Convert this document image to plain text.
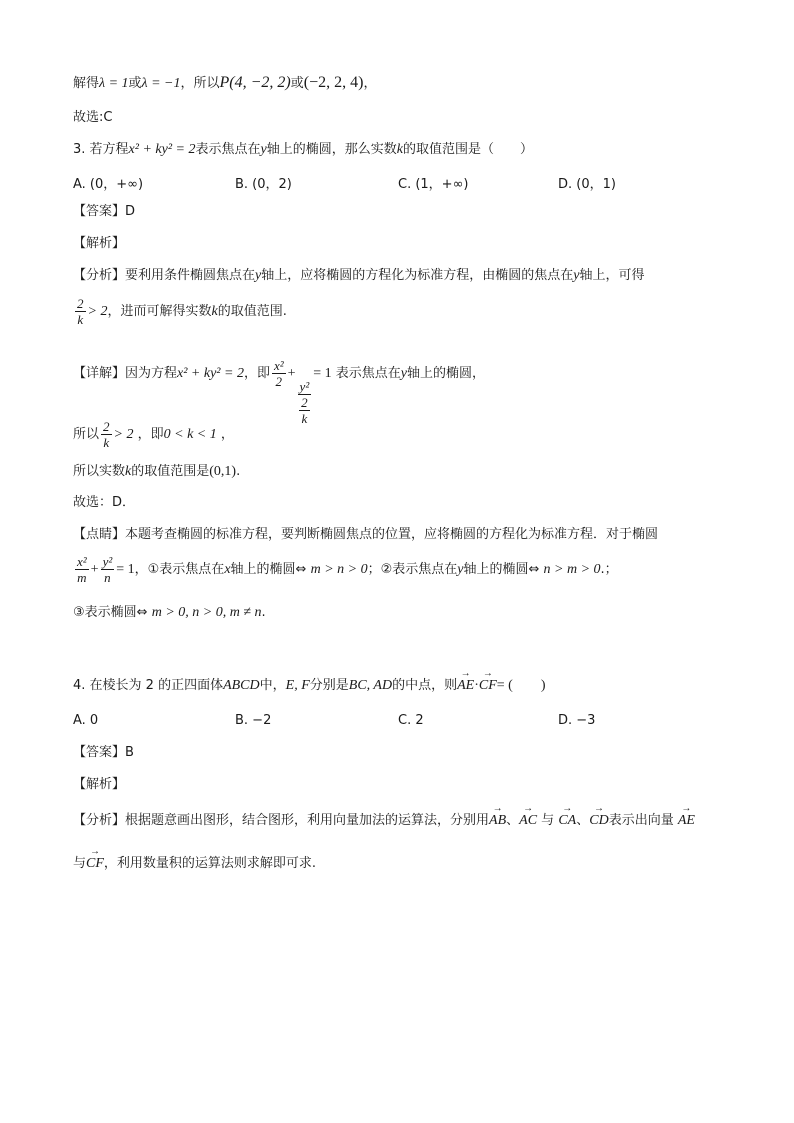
解得λ = 1或λ = −1，所以P(4, −2, 2)或(−2, 2, 4)，
故选:C
3. 若方程x² + ky² = 2表示焦点在y轴上的椭圆，那么实数k的取值范围是（　　）
A. (0，+∞)	B. (0，2)	C. (1，+∞)	D. (0，1)
【答案】D
【解析】
【分析】要利用条件椭圆焦点在y轴上，应将椭圆的方程化为标准方程，由椭圆的焦点在y轴上，可得
$\frac{2}{k} > 2$，进而可解得实数k的取值范围.
【详解】因为方程x² + ky² = 2，即 $\frac{\text{x²}}{2}$ +
$\frac{\text{y²}}{\frac{2}{k}}$
= 1 表示焦点在y轴上的椭圆，
所以 $\frac{2}{k} > 2$ ，即0 < k < 1 ，
所以实数k的取值范围是(0,1).
故选：D．
【点睛】本题考查椭圆的标准方程，要判断椭圆焦点的位置，应将椭圆的方程化为标准方程．对于椭圆
$\frac{\text{x²}}{m} + \frac{\text{y²}}{n} = 1$，①表示焦点在x轴上的椭圆⇔ m > n > 0；②表示焦点在y轴上的椭圆⇔ n > m > 0.；
③表示椭圆⇔ m > 0, n > 0, m ≠ n.
4. 在棱长为 2 的正四面体ABCD中，E, F分别是BC, AD的中点，则→ AE·→ CF= (　　)
A. 0	B. −2	C. 2	D. −3
【答案】B
【解析】
【分析】根据题意画出图形，结合图形，利用向量加法的运算法，分别用→ AB、→ AC 与 → CA、→ CD表示出向量 → AE
与→ CF，利用数量积的运算法则求解即可求.
